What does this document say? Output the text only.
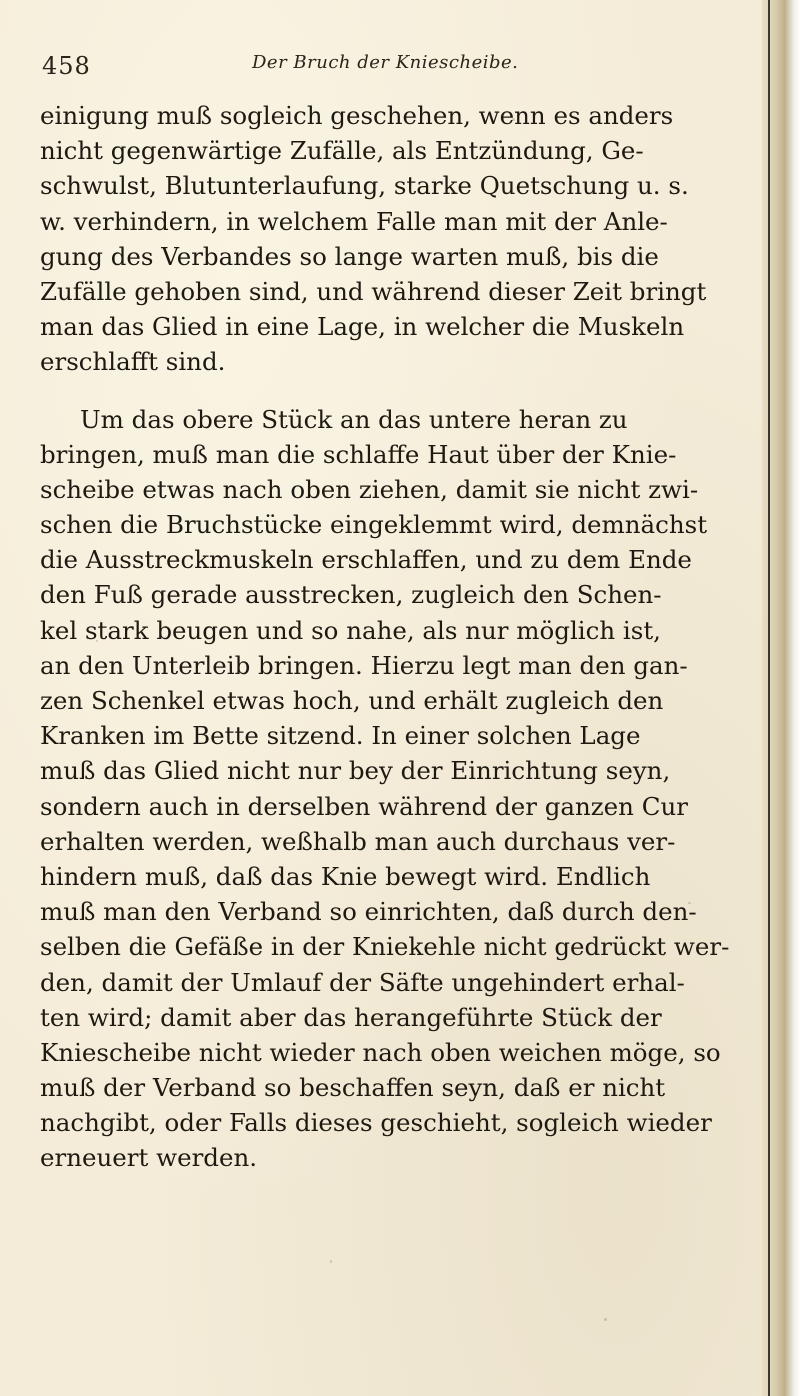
458	Der Bruch der Kniescheibe.
einigung muß sogleich geschehen, wenn es anders
nicht gegenwärtige Zufälle, als Entzündung, Ge-
schwulst, Blutunterlaufung, starke Quetschung u. s.
w. verhindern, in welchem Falle man mit der Anle-
gung des Verbandes so lange warten muß, bis die
Zufälle gehoben sind, und während dieser Zeit bringt
man das Glied in eine Lage, in welcher die Muskeln
erschlafft sind.
Um das obere Stück an das untere heran zu
bringen, muß man die schlaffe Haut über der Knie-
scheibe etwas nach oben ziehen, damit sie nicht zwi-
schen die Bruchstücke eingeklemmt wird, demnächst
die Ausstreckmuskeln erschlaffen, und zu dem Ende
den Fuß gerade ausstrecken, zugleich den Schen-
kel stark beugen und so nahe, als nur möglich ist,
an den Unterleib bringen. Hierzu legt man den gan-
zen Schenkel etwas hoch, und erhält zugleich den
Kranken im Bette sitzend. In einer solchen Lage
muß das Glied nicht nur bey der Einrichtung seyn,
sondern auch in derselben während der ganzen Cur
erhalten werden, weßhalb man auch durchaus ver-
hindern muß, daß das Knie bewegt wird. Endlich
muß man den Verband so einrichten, daß durch den-
selben die Gefäße in der Kniekehle nicht gedrückt wer-
den, damit der Umlauf der Säfte ungehindert erhal-
ten wird; damit aber das herangeführte Stück der
Kniescheibe nicht wieder nach oben weichen möge, so
muß der Verband so beschaffen seyn, daß er nicht
nachgibt, oder Falls dieses geschieht, sogleich wieder
erneuert werden.
